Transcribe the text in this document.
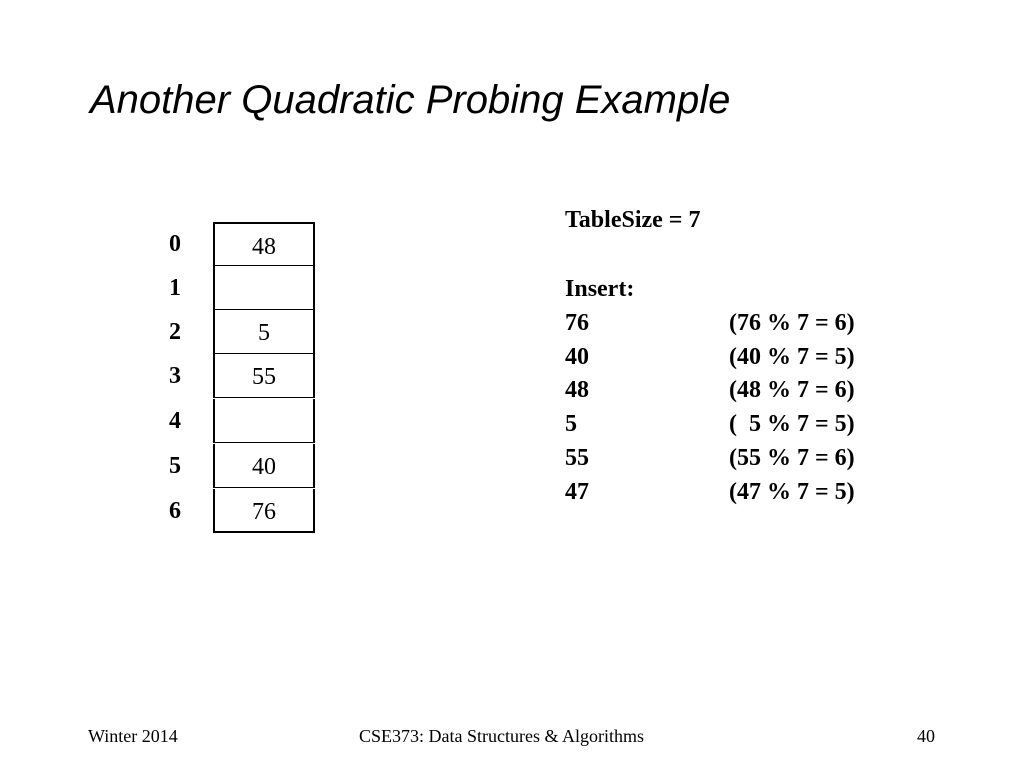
Another Quadratic Probing Example
0	48
1
2	5
3	55
4
5	40
6	76
TableSize = 7
Insert:
76	(76 % 7 = 6)
40	(40 % 7 = 5)
48	(48 % 7 = 6)
5	(  5 % 7 = 5)
55	(55 % 7 = 6)
47	(47 % 7 = 5)
Winter 2014	CSE373: Data Structures & Algorithms	40
